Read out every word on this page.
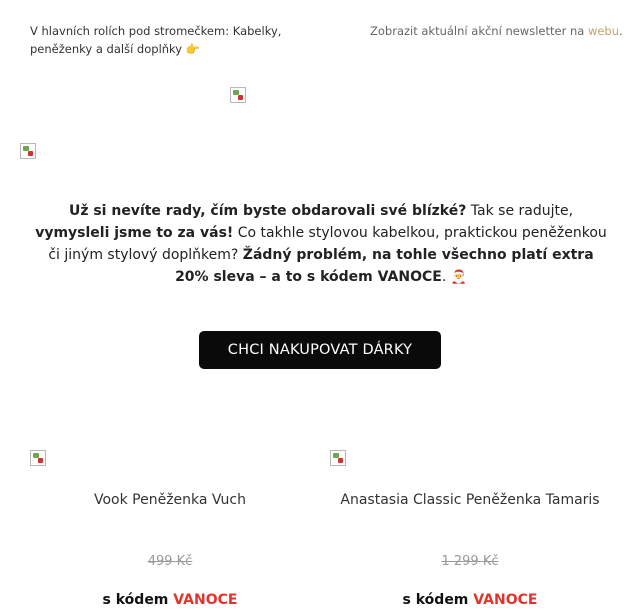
V hlavních rolích pod stromečkem: Kabelky, peněženky a další doplňky 👉
Zobrazit aktuální akční newsletter na webu.
Už si nevíte rady, čím byste obdarovali své blízké? Tak se radujte, vymysleli jsme to za vás! Co takhle stylovou kabelkou, praktickou peněženkou či jiným stylový doplňkem? Žádný problém, na tohle všechno platí extra 20% sleva – a to s kódem VANOCE. 🎅
CHCI NAKUPOVAT DÁRKY
Vook Peněženka Vuch
499 Kč
s kódem VANOCE
Anastasia Classic Peněženka Tamaris
1 299 Kč
s kódem VANOCE
